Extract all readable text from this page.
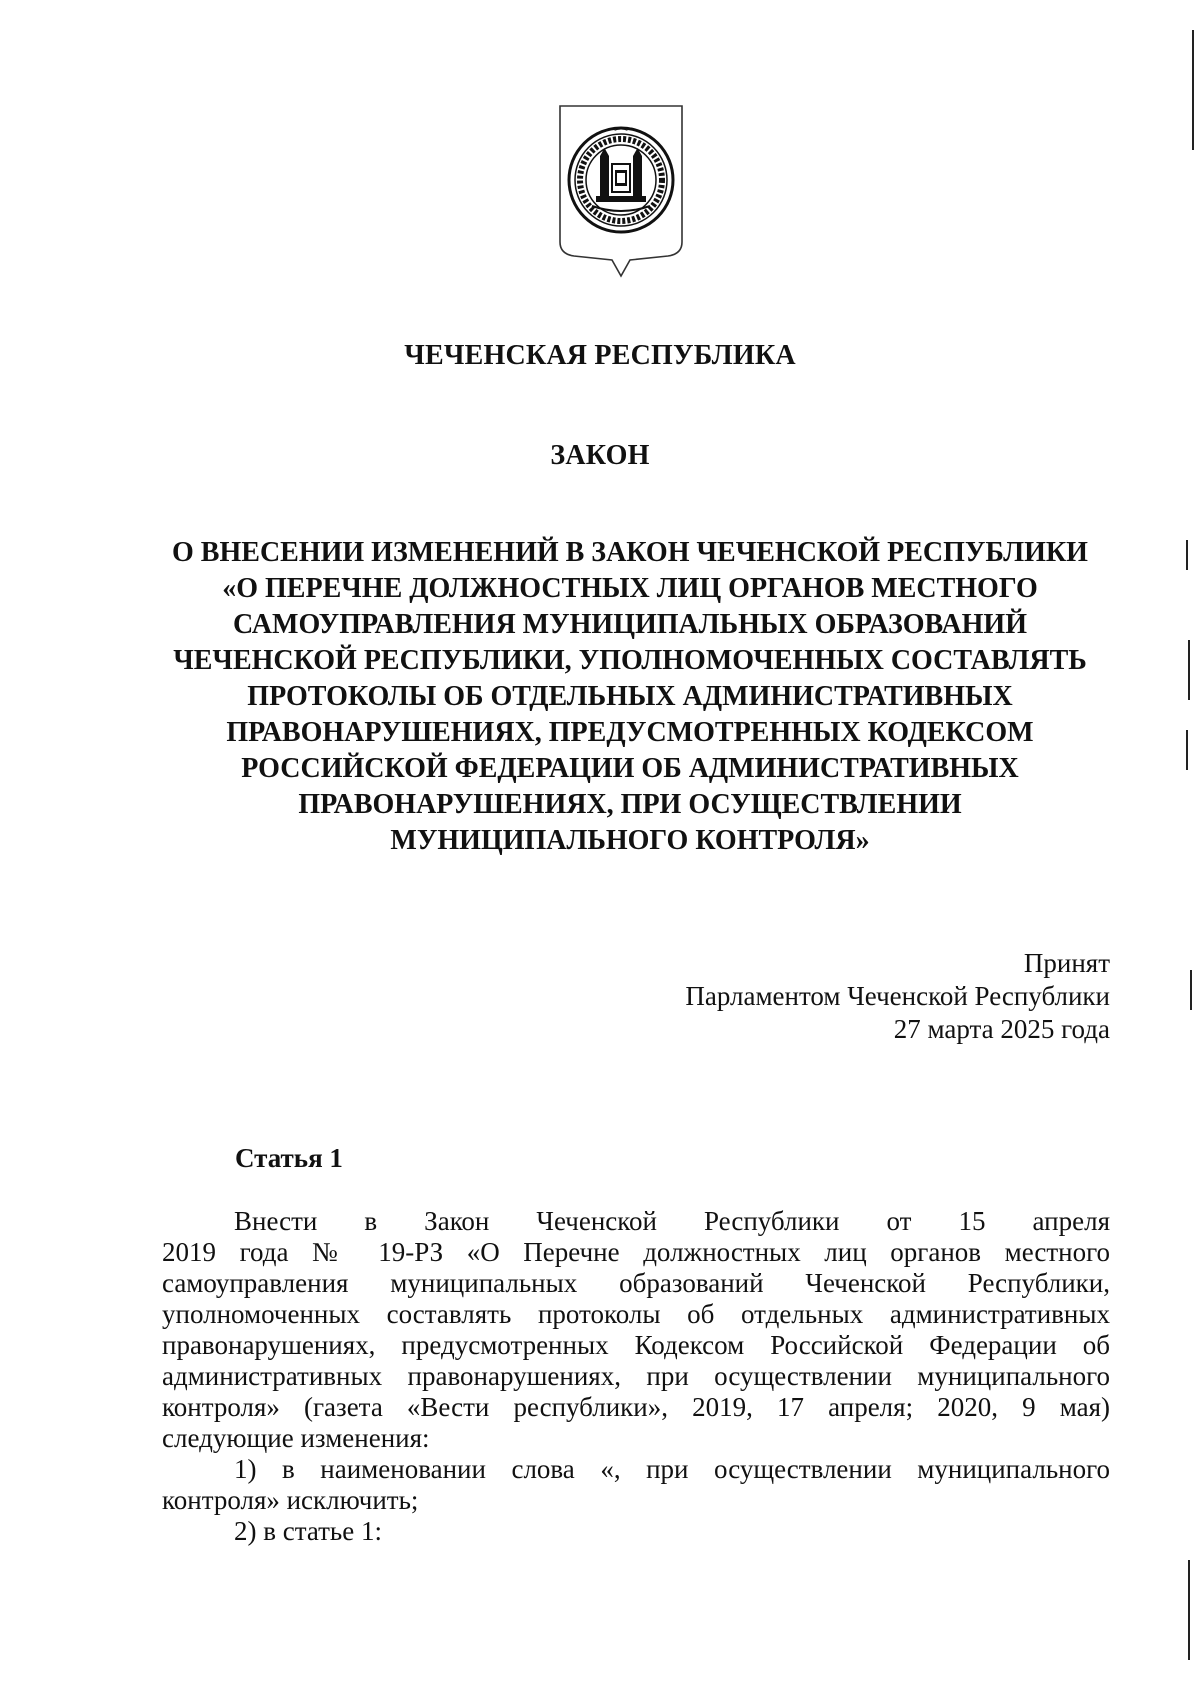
ЧЕЧЕНСКАЯ РЕСПУБЛИКА
ЗАКОН
О ВНЕСЕНИИ ИЗМЕНЕНИЙ В ЗАКОН ЧЕЧЕНСКОЙ РЕСПУБЛИКИ
«О ПЕРЕЧНЕ ДОЛЖНОСТНЫХ ЛИЦ ОРГАНОВ МЕСТНОГО
САМОУПРАВЛЕНИЯ МУНИЦИПАЛЬНЫХ ОБРАЗОВАНИЙ
ЧЕЧЕНСКОЙ РЕСПУБЛИКИ, УПОЛНОМОЧЕННЫХ СОСТАВЛЯТЬ
ПРОТОКОЛЫ ОБ ОТДЕЛЬНЫХ АДМИНИСТРАТИВНЫХ
ПРАВОНАРУШЕНИЯХ, ПРЕДУСМОТРЕННЫХ КОДЕКСОМ
РОССИЙСКОЙ ФЕДЕРАЦИИ ОБ АДМИНИСТРАТИВНЫХ
ПРАВОНАРУШЕНИЯХ, ПРИ ОСУЩЕСТВЛЕНИИ
МУНИЦИПАЛЬНОГО КОНТРОЛЯ»
Принят
Парламентом Чеченской Республики
27 марта 2025 года
Статья 1
Внести в Закон Чеченской Республики от 15 апреля
2019 года № 19-РЗ «О Перечне должностных лиц органов местного
самоуправления муниципальных образований Чеченской Республики,
уполномоченных составлять протоколы об отдельных административных
правонарушениях, предусмотренных Кодексом Российской Федерации об
административных правонарушениях, при осуществлении муниципального
контроля» (газета «Вести республики», 2019, 17 апреля; 2020, 9 мая)
следующие изменения:
1) в наименовании слова «, при осуществлении муниципального
контроля» исключить;
2) в статье 1:
